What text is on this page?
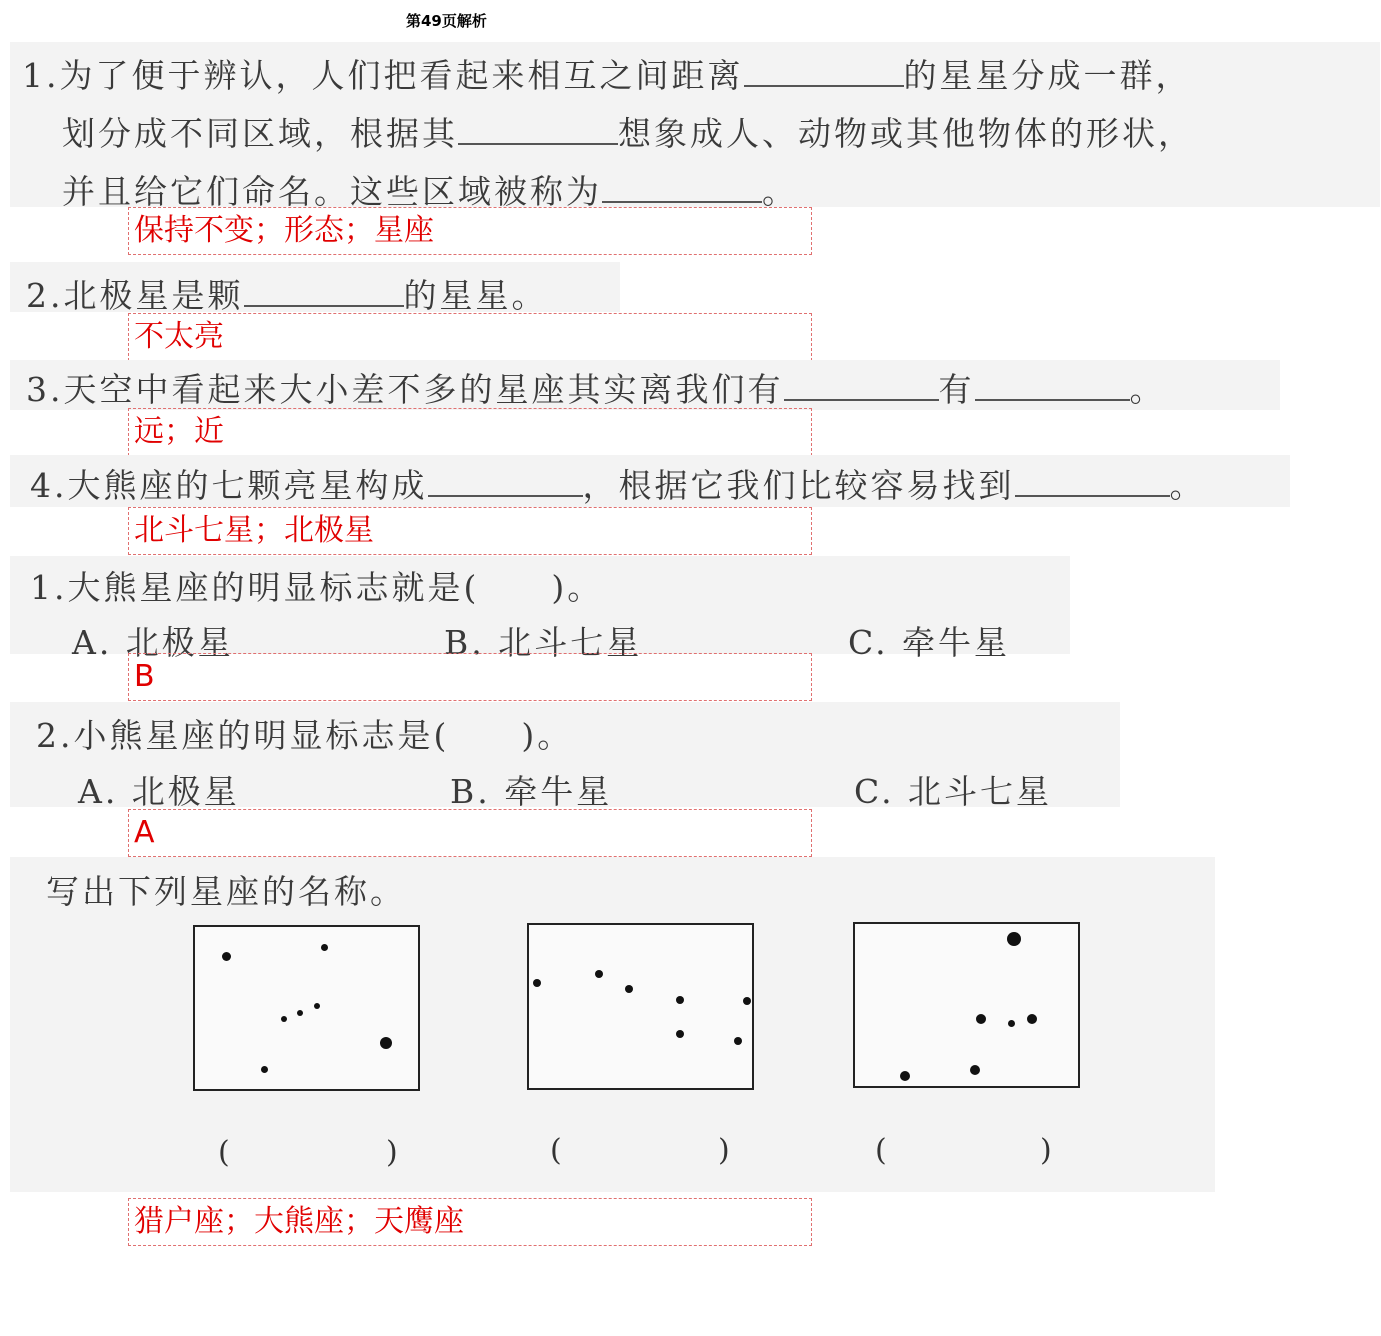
第49页解析
1.为了便于辨认，人们把看起来相互之间距离	的星星分成一群，
划分成不同区域，根据其	想象成人、动物或其他物体的形状，
并且给它们命名。这些区域被称为	。
保持不变；形态；星座
2.北极星是颗	的星星。
不太亮
3.天空中看起来大小差不多的星座其实离我们有	有	。
远；近
4.大熊座的七颗亮星构成	，根据它我们比较容易找到	。
北斗七星；北极星
1.大熊星座的明显标志就是(　　)。
A. 北极星	B. 北斗七星	C. 牵牛星
B
2.小熊星座的明显标志是(　　)。
A. 北极星	B. 牵牛星	C. 北斗七星
A
写出下列星座的名称。
(	)	(	)	(	)
猎户座；大熊座；天鹰座
